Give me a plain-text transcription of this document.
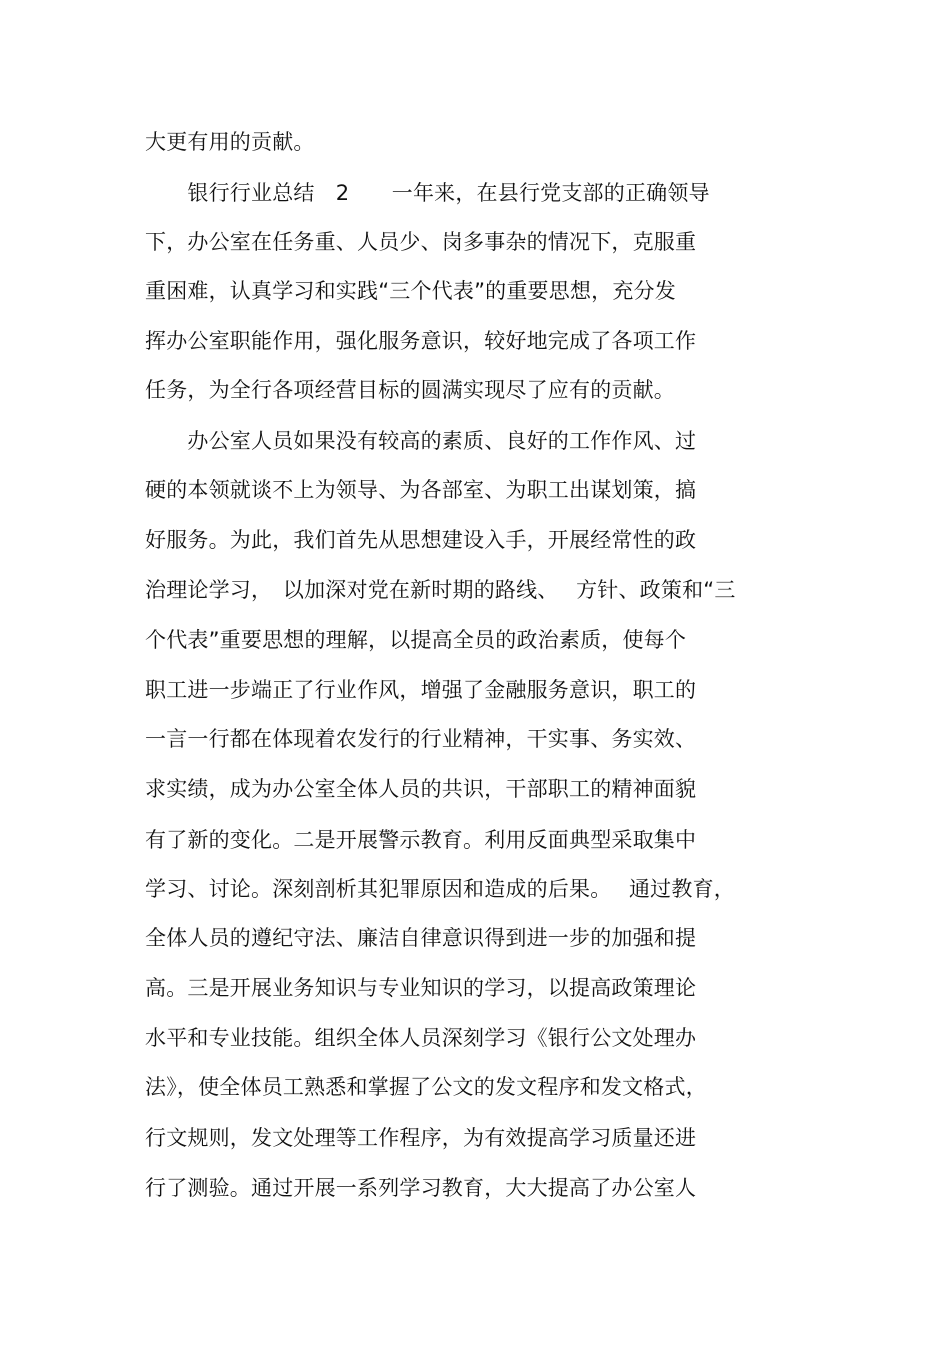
大更有用的贡献。
　　银行行业总结　2　　一年来，在县行党支部的正确领导
下，办公室在任务重、人员少、岗多事杂的情况下，克服重
重困难，认真学习和实践“三个代表”的重要思想，充分发
挥办公室职能作用，强化服务意识，较好地完成了各项工作
任务，为全行各项经营目标的圆满实现尽了应有的贡献。
　　办公室人员如果没有较高的素质、良好的工作作风、过
硬的本领就谈不上为领导、为各部室、为职工出谋划策，搞
好服务。为此，我们首先从思想建设入手，开展经常性的政
治理论学习，　以加深对党在新时期的路线、　 方针、政策和“三
个代表”重要思想的理解，以提高全员的政治素质，使每个
职工进一步端正了行业作风，增强了金融服务意识，职工的
一言一行都在体现着农发行的行业精神，干实事、务实效、
求实绩，成为办公室全体人员的共识，干部职工的精神面貌
有了新的变化。二是开展警示教育。利用反面典型采取集中
学习、讨论。深刻剖析其犯罪原因和造成的后果。　 通过教育，
全体人员的遵纪守法、廉洁自律意识得到进一步的加强和提
高。三是开展业务知识与专业知识的学习，以提高政策理论
水平和专业技能。组织全体人员深刻学习《银行公文处理办
法》，使全体员工熟悉和掌握了公文的发文程序和发文格式，
行文规则，发文处理等工作程序，为有效提高学习质量还进
行了测验。通过开展一系列学习教育，大大提高了办公室人
